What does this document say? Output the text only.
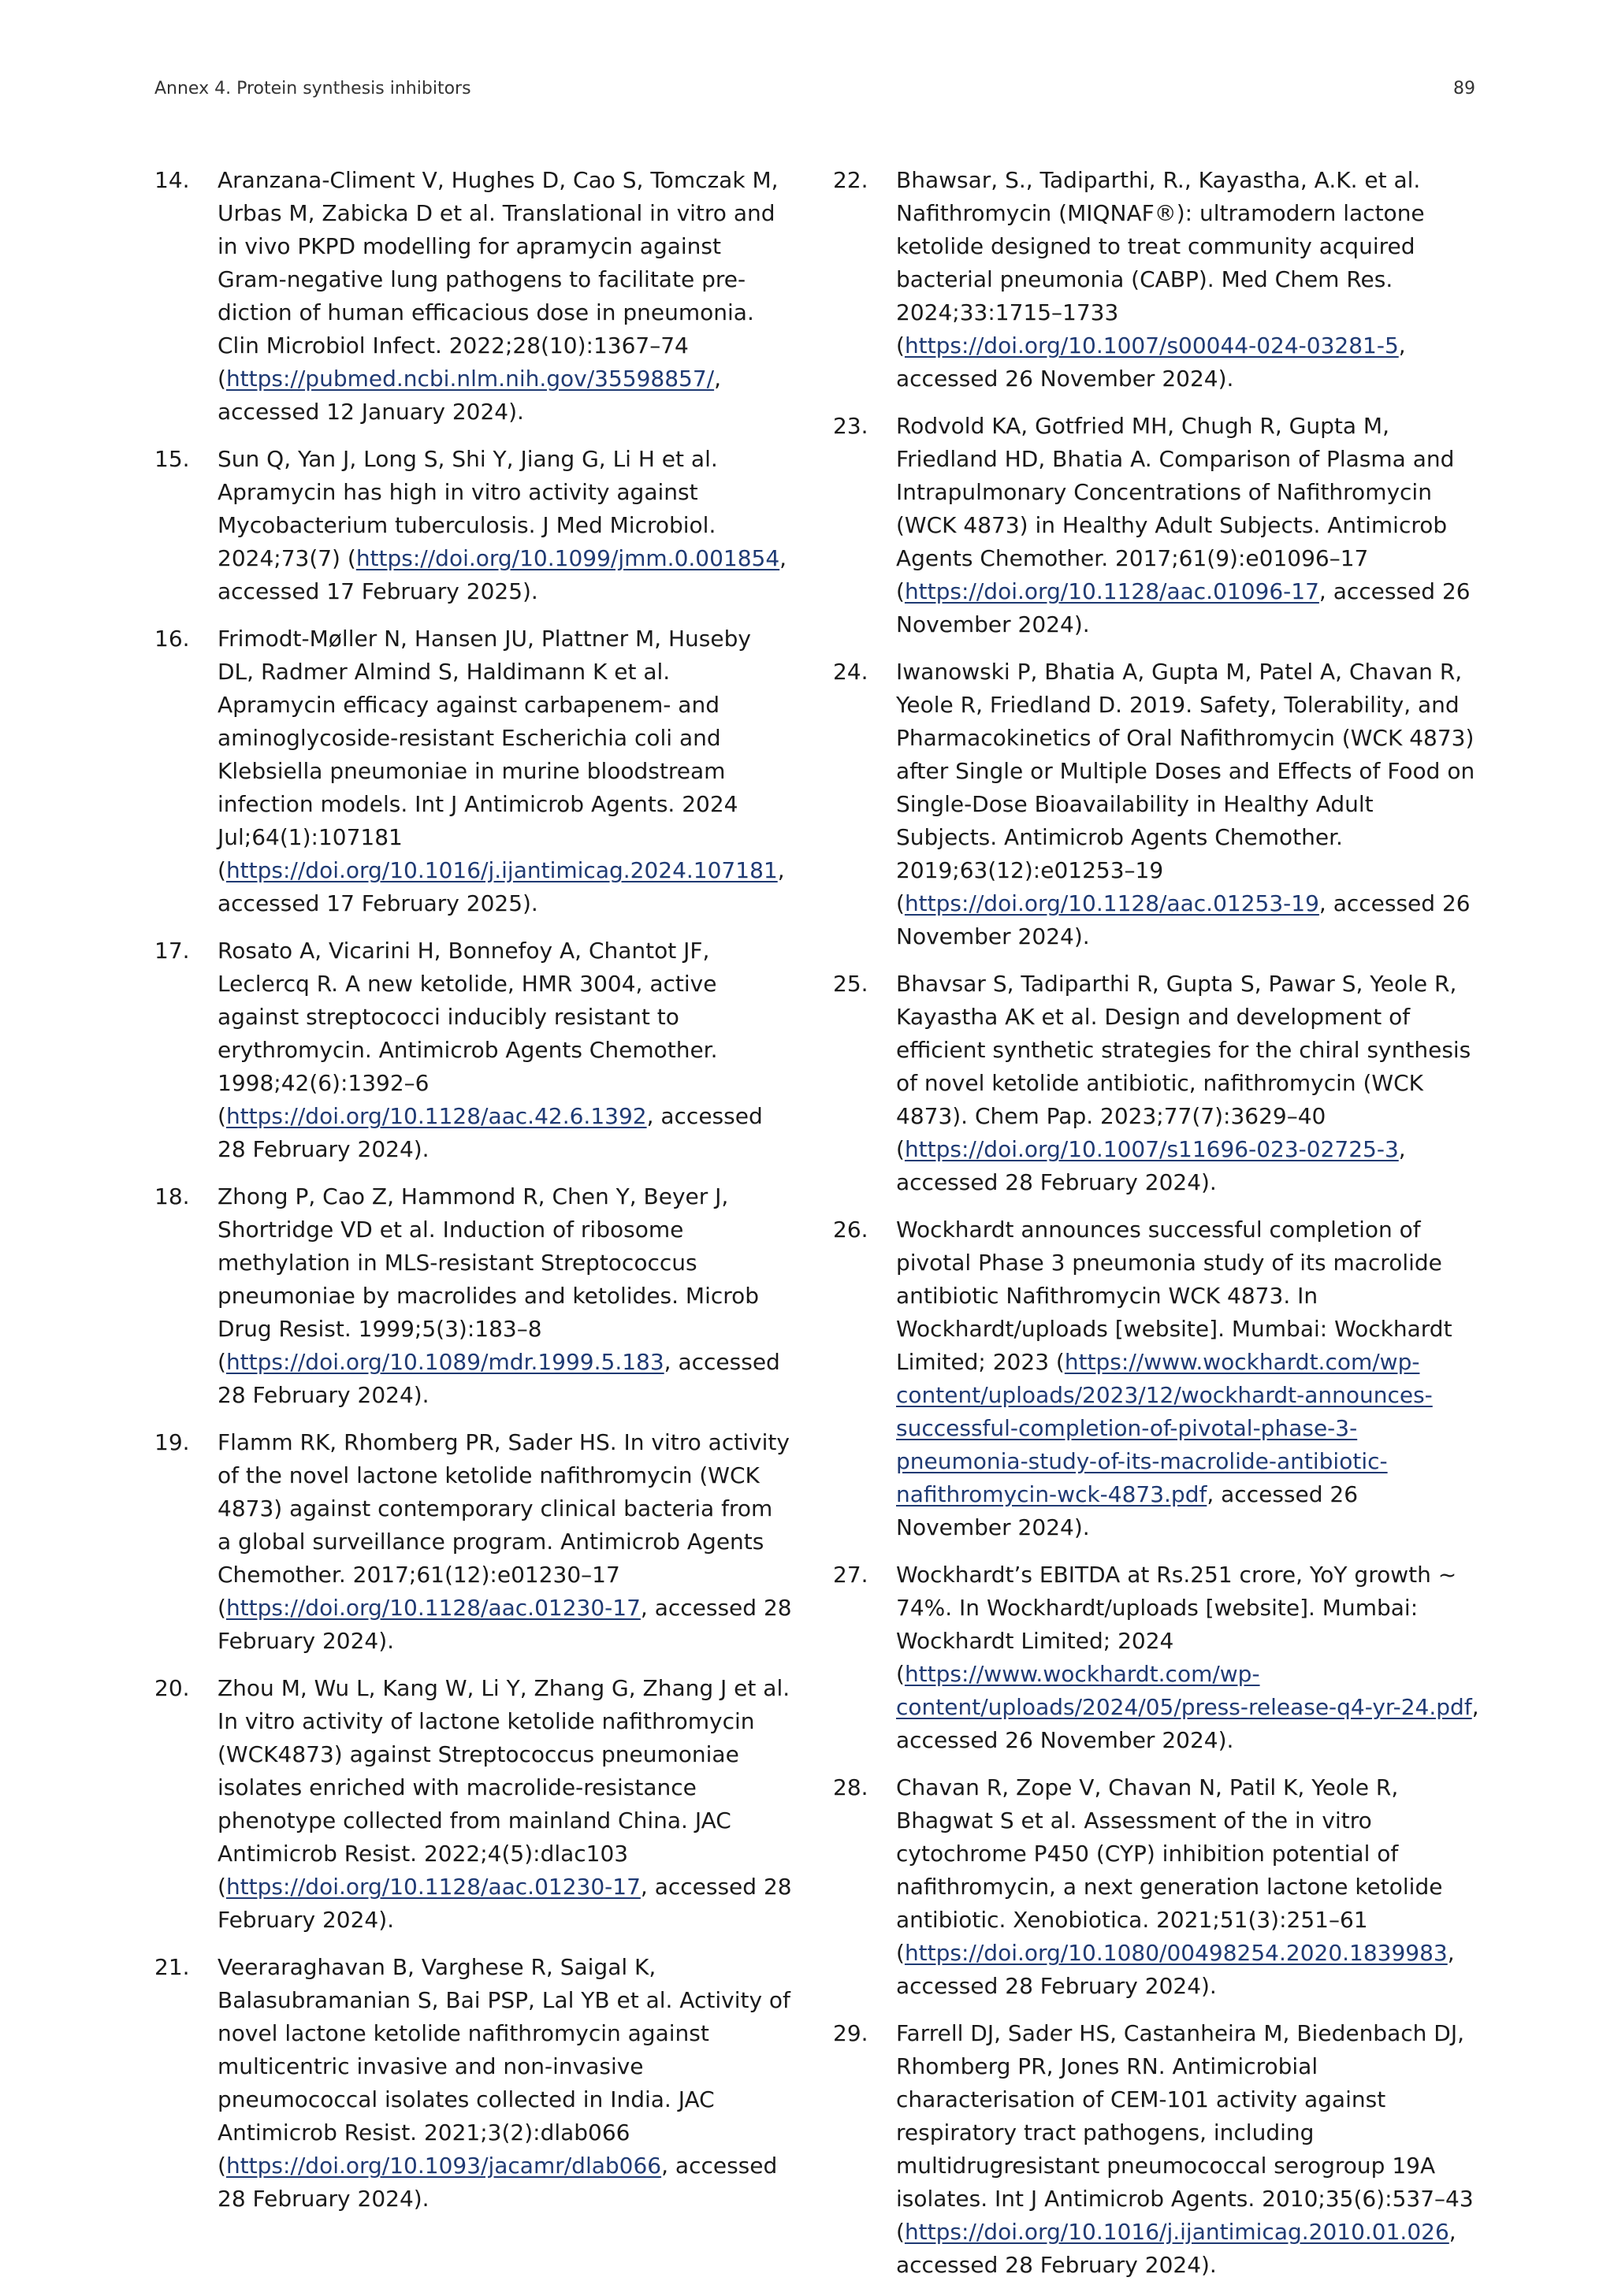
Annex 4. Protein synthesis inhibitors	89
14.	Aranzana-Climent V, Hughes D, Cao S, Tomczak M, Urbas M, Zabicka D et al. Translational in vitro and in vivo PKPD modelling for apramycin against Gram-negative lung pathogens to facilitate pre-diction of human efficacious dose in pneumonia. Clin Microbiol Infect. 2022;28(10):1367–74 (https://pubmed.ncbi.nlm.nih.gov/35598857/, accessed 12 January 2024).
15.	Sun Q, Yan J, Long S, Shi Y, Jiang G, Li H et al. Apramycin has high in vitro activity against Mycobacterium tuberculosis. J Med Microbiol. 2024;73(7) (https://doi.org/10.1099/jmm.0.001854, accessed 17 February 2025).
16.	Frimodt-Møller N, Hansen JU, Plattner M, Huseby DL, Radmer Almind S, Haldimann K et al. Apramycin efficacy against carbapenem- and aminoglycoside-resistant Escherichia coli and Klebsiella pneumoniae in murine bloodstream infection models. Int J Antimicrob Agents. 2024 Jul;64(1):107181 (https://doi.org/10.1016/j.ijantimicag.2024.107181, accessed 17 February 2025).
17.	Rosato A, Vicarini H, Bonnefoy A, Chantot JF, Leclercq R. A new ketolide, HMR 3004, active against streptococci inducibly resistant to erythromycin. Antimicrob Agents Chemother. 1998;42(6):1392–6 (https://doi.org/10.1128/aac.42.6.1392, accessed 28 February 2024).
18.	Zhong P, Cao Z, Hammond R, Chen Y, Beyer J, Shortridge VD et al. Induction of ribosome methylation in MLS-resistant Streptococcus pneumoniae by macrolides and ketolides. Microb Drug Resist. 1999;5(3):183–8 (https://doi.org/10.1089/mdr.1999.5.183, accessed 28 February 2024).
19.	Flamm RK, Rhomberg PR, Sader HS. In vitro activity of the novel lactone ketolide nafithromycin (WCK 4873) against contemporary clinical bacteria from a global surveillance program. Antimicrob Agents Chemother. 2017;61(12):e01230–17 (https://doi.org/10.1128/aac.01230-17, accessed 28 February 2024).
20.	Zhou M, Wu L, Kang W, Li Y, Zhang G, Zhang J et al. In vitro activity of lactone ketolide nafithromycin (WCK4873) against Streptococcus pneumoniae isolates enriched with macrolide-resistance phenotype collected from mainland China. JAC Antimicrob Resist. 2022;4(5):dlac103 (https://doi.org/10.1128/aac.01230-17, accessed 28 February 2024).
21.	Veeraraghavan B, Varghese R, Saigal K, Balasubramanian S, Bai PSP, Lal YB et al. Activity of novel lactone ketolide nafithromycin against multicentric invasive and non-invasive pneumococcal isolates collected in India. JAC Antimicrob Resist. 2021;3(2):dlab066 (https://doi.org/10.1093/jacamr/dlab066, accessed 28 February 2024).
22.	Bhawsar, S., Tadiparthi, R., Kayastha, A.K. et al. Nafithromycin (MIQNAF®): ultramodern lactone ketolide designed to treat community acquired bacterial pneumonia (CABP). Med Chem Res. 2024;33:1715–1733 (https://doi.org/10.1007/s00044-024-03281-5, accessed 26 November 2024).
23.	Rodvold KA, Gotfried MH, Chugh R, Gupta M, Friedland HD, Bhatia A. Comparison of Plasma and Intrapulmonary Concentrations of Nafithromycin (WCK 4873) in Healthy Adult Subjects. Antimicrob Agents Chemother. 2017;61(9):e01096–17 (https://doi.org/10.1128/aac.01096-17, accessed 26 November 2024).
24.	Iwanowski P, Bhatia A, Gupta M, Patel A, Chavan R, Yeole R, Friedland D. 2019. Safety, Tolerability, and Pharmacokinetics of Oral Nafithromycin (WCK 4873) after Single or Multiple Doses and Effects of Food on Single-Dose Bioavailability in Healthy Adult Subjects. Antimicrob Agents Chemother. 2019;63(12):e01253–19 (https://doi.org/10.1128/aac.01253-19, accessed 26 November 2024).
25.	Bhavsar S, Tadiparthi R, Gupta S, Pawar S, Yeole R, Kayastha AK et al. Design and development of efficient synthetic strategies for the chiral synthesis of novel ketolide antibiotic, nafithromycin (WCK 4873). Chem Pap. 2023;77(7):3629–40 (https://doi.org/10.1007/s11696-023-02725-3, accessed 28 February 2024).
26.	Wockhardt announces successful completion of pivotal Phase 3 pneumonia study of its macrolide antibiotic Nafithromycin WCK 4873. In Wockhardt/uploads [website]. Mumbai: Wockhardt Limited; 2023 (https://www.wockhardt.com/wp-content/uploads/2023/12/wockhardt-announces-successful-completion-of-pivotal-phase-3-pneumonia-study-of-its-macrolide-antibiotic-nafithromycin-wck-4873.pdf, accessed 26 November 2024).
27.	Wockhardt’s EBITDA at Rs.251 crore, YoY growth ~ 74%. In Wockhardt/uploads [website]. Mumbai: Wockhardt Limited; 2024 (https://www.wockhardt.com/wp-content/uploads/2024/05/press-release-q4-yr-24.pdf, accessed 26 November 2024).
28.	Chavan R, Zope V, Chavan N, Patil K, Yeole R, Bhagwat S et al. Assessment of the in vitro cytochrome P450 (CYP) inhibition potential of nafithromycin, a next generation lactone ketolide antibiotic. Xenobiotica. 2021;51(3):251–61 (https://doi.org/10.1080/00498254.2020.1839983, accessed 28 February 2024).
29.	Farrell DJ, Sader HS, Castanheira M, Biedenbach DJ, Rhomberg PR, Jones RN. Antimicrobial characterisation of CEM-101 activity against respiratory tract pathogens, including multidrugresistant pneumococcal serogroup 19A isolates. Int J Antimicrob Agents. 2010;35(6):537–43 (https://doi.org/10.1016/j.ijantimicag.2010.01.026, accessed 28 February 2024).
